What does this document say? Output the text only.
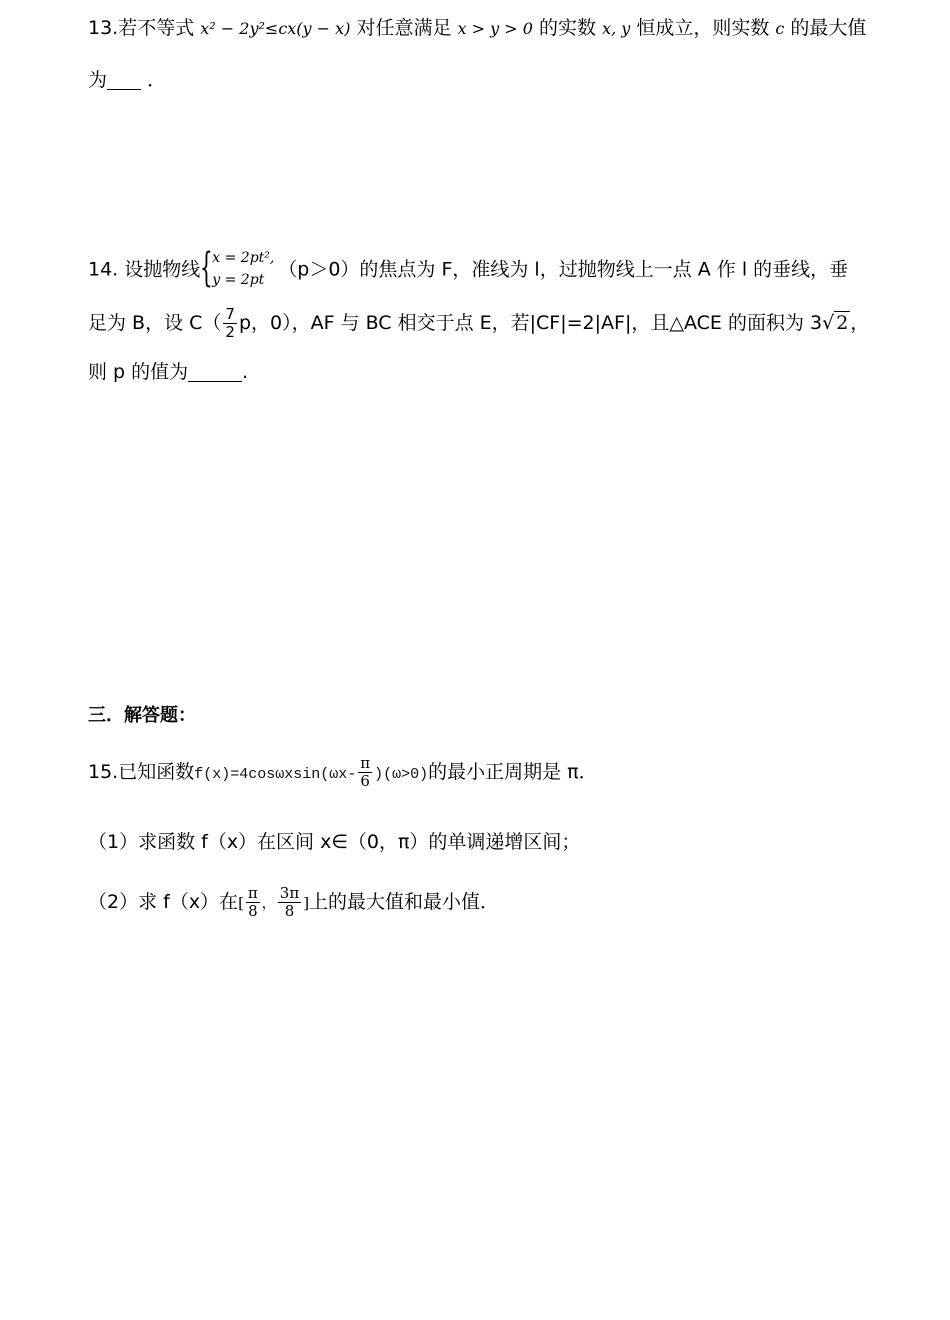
13.若不等式 x² − 2y²≤cx(y − x) 对任意满足 x > y > 0 的实数 x, y 恒成立，则实数 c 的最大值
为 ．
14. 设抛物线 { x = 2pt²,
y = 2pt （p＞0）的焦点为 F，准线为 l，过抛物线上一点 A 作 l 的垂线，垂
足为 B，设 $C( \frac{7}{2}$ p，0），AF 与 BC 相交于点 E，若|CF|=2|AF|，且△ACE 的面积为 3√ 2 ，
则 p 的值为	.
三．解答题：
15.已知函数$f(x)=4\cos\omega xsin(\omega x- \frac{\pi}{6} )(\omega>0)$的最小正周期是 π．
（1）求函数 f（x）在区间 x∈（0，π）的单调递增区间；
（2）求 f（x）在[ $\frac{\pi}{8}$ ， $\frac{3\pi}{8}$ ]上的最大值和最小值．
